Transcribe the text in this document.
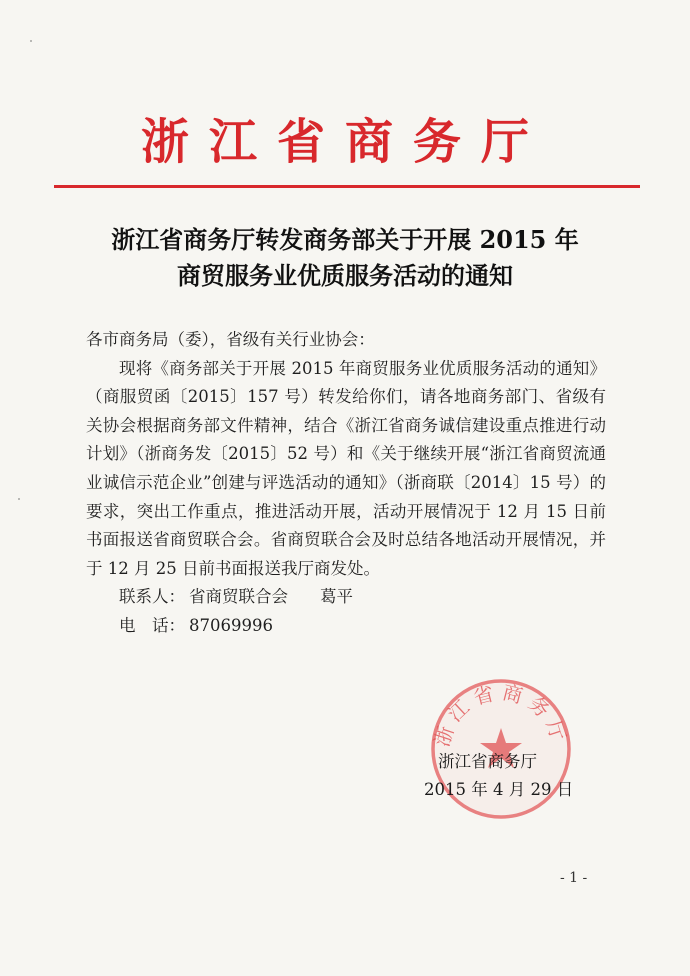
浙江省商务厅
浙江省商务厅转发商务部关于开展 2015 年
商贸服务业优质服务活动的通知

各市商务局（委），省级有关行业协会：

现将《商务部关于开展 2015 年商贸服务业优质服务活动的通知》（商服贸函〔2015〕157 号）转发给你们，请各地商务部门、省级有关协会根据商务部文件精神，结合《浙江省商务诚信建设重点推进行动计划》（浙商务发〔2015〕52 号）和《关于继续开展“浙江省商贸流通业诚信示范企业”创建与评选活动的通知》（浙商联〔2014〕15 号）的要求，突出工作重点，推进活动开展，活动开展情况于 12 月 15 日前书面报送省商贸联合会。省商贸联合会及时总结各地活动开展情况，并于 12 月 25 日前书面报送我厅商发处。

联系人： 省商贸联合会 葛平

电　话： 87069996

浙江省商务厅
浙江省商务厅
2015 年 4 月 29 日
- 1 -
